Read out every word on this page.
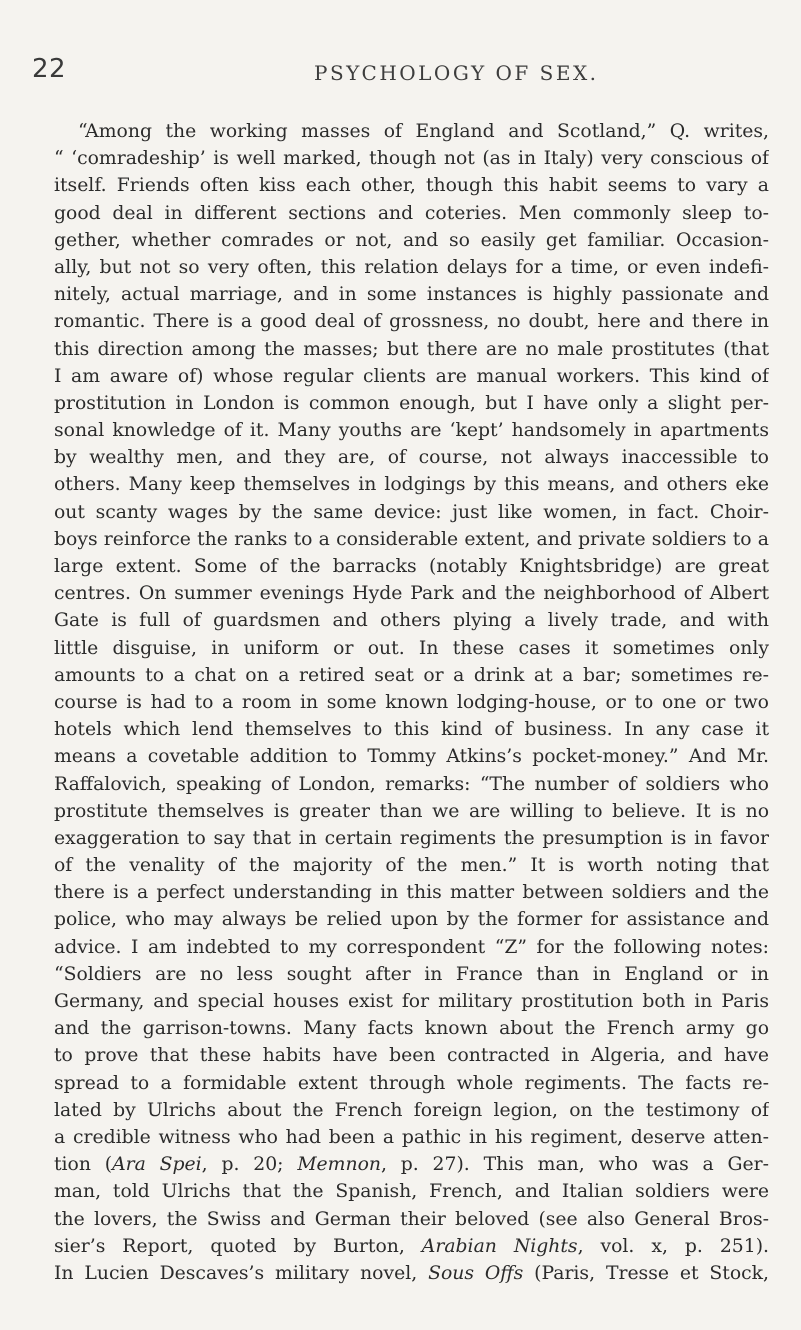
22	PSYCHOLOGY OF SEX.
“Among the working masses of England and Scotland,” Q. writes,
“ ‘comradeship’ is well marked, though not (as in Italy) very conscious of
itself. Friends often kiss each other, though this habit seems to vary a
good deal in different sections and coteries. Men commonly sleep to-
gether, whether comrades or not, and so easily get familiar. Occasion-
ally, but not so very often, this relation delays for a time, or even indefi-
nitely, actual marriage, and in some instances is highly passionate and
romantic. There is a good deal of grossness, no doubt, here and there in
this direction among the masses; but there are no male prostitutes (that
I am aware of) whose regular clients are manual workers. This kind of
prostitution in London is common enough, but I have only a slight per-
sonal knowledge of it. Many youths are ‘kept’ handsomely in apartments
by wealthy men, and they are, of course, not always inaccessible to
others. Many keep themselves in lodgings by this means, and others eke
out scanty wages by the same device: just like women, in fact. Choir-
boys reinforce the ranks to a considerable extent, and private soldiers to a
large extent. Some of the barracks (notably Knightsbridge) are great
centres. On summer evenings Hyde Park and the neighborhood of Albert
Gate is full of guardsmen and others plying a lively trade, and with
little disguise, in uniform or out. In these cases it sometimes only
amounts to a chat on a retired seat or a drink at a bar; sometimes re-
course is had to a room in some known lodging-house, or to one or two
hotels which lend themselves to this kind of business. In any case it
means a covetable addition to Tommy Atkins’s pocket-money.” And Mr.
Raffalovich, speaking of London, remarks: “The number of soldiers who
prostitute themselves is greater than we are willing to believe. It is no
exaggeration to say that in certain regiments the presumption is in favor
of the venality of the majority of the men.” It is worth noting that
there is a perfect understanding in this matter between soldiers and the
police, who may always be relied upon by the former for assistance and
advice. I am indebted to my correspondent “Z” for the following notes:
“Soldiers are no less sought after in France than in England or in
Germany, and special houses exist for military prostitution both in Paris
and the garrison-towns. Many facts known about the French army go
to prove that these habits have been contracted in Algeria, and have
spread to a formidable extent through whole regiments. The facts re-
lated by Ulrichs about the French foreign legion, on the testimony of
a credible witness who had been a pathic in his regiment, deserve atten-
tion (Ara Spei, p. 20; Memnon, p. 27). This man, who was a Ger-
man, told Ulrichs that the Spanish, French, and Italian soldiers were
the lovers, the Swiss and German their beloved (see also General Bros-
sier’s Report, quoted by Burton, Arabian Nights, vol. x, p. 251).
In Lucien Descaves’s military novel, Sous Offs (Paris, Tresse et Stock,
